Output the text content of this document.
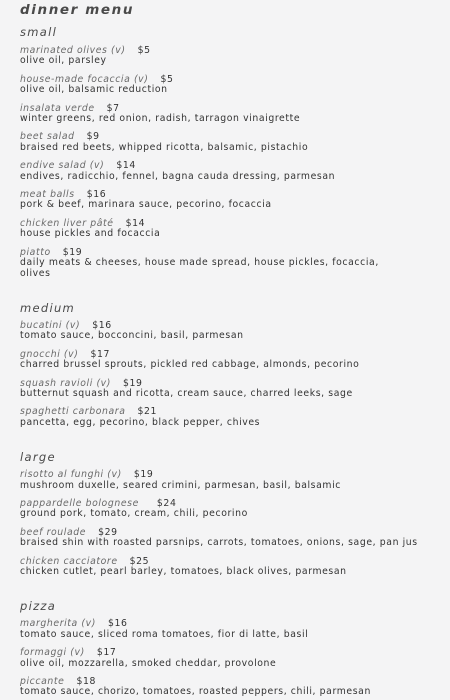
dinner menu
small
marinated olives (v) $5
olive oil, parsley
house-made focaccia (v) $5
olive oil, balsamic reduction
insalata verde $7
winter greens, red onion, radish, tarragon vinaigrette
beet salad $9
braised red beets, whipped ricotta, balsamic, pistachio
endive salad (v) $14
endives, radicchio, fennel, bagna cauda dressing, parmesan
meat balls $16
pork & beef, marinara sauce, pecorino, focaccia
chicken liver pâté $14
house pickles and focaccia
piatto $19
daily meats & cheeses, house made spread, house pickles, focaccia, olives
medium
bucatini (v) $16
tomato sauce, bocconcini, basil, parmesan
gnocchi (v) $17
charred brussel sprouts, pickled red cabbage, almonds, pecorino
squash ravioli (v) $19
butternut squash and ricotta, cream sauce, charred leeks, sage
spaghetti carbonara $21
pancetta, egg, pecorino, black pepper, chives
large
risotto al funghi (v) $19
mushroom duxelle, seared crimini, parmesan, basil, balsamic
pappardelle bolognese $24
ground pork, tomato, cream, chili, pecorino
beef roulade $29
braised shin with roasted parsnips, carrots, tomatoes, onions, sage, pan jus
chicken cacciatore $25
chicken cutlet, pearl barley, tomatoes, black olives, parmesan
pizza
margherita (v) $16
tomato sauce, sliced roma tomatoes, fior di latte, basil
formaggi (v) $17
olive oil, mozzarella, smoked cheddar, provolone
piccante $18
tomato sauce, chorizo, tomatoes, roasted peppers, chili, parmesan
